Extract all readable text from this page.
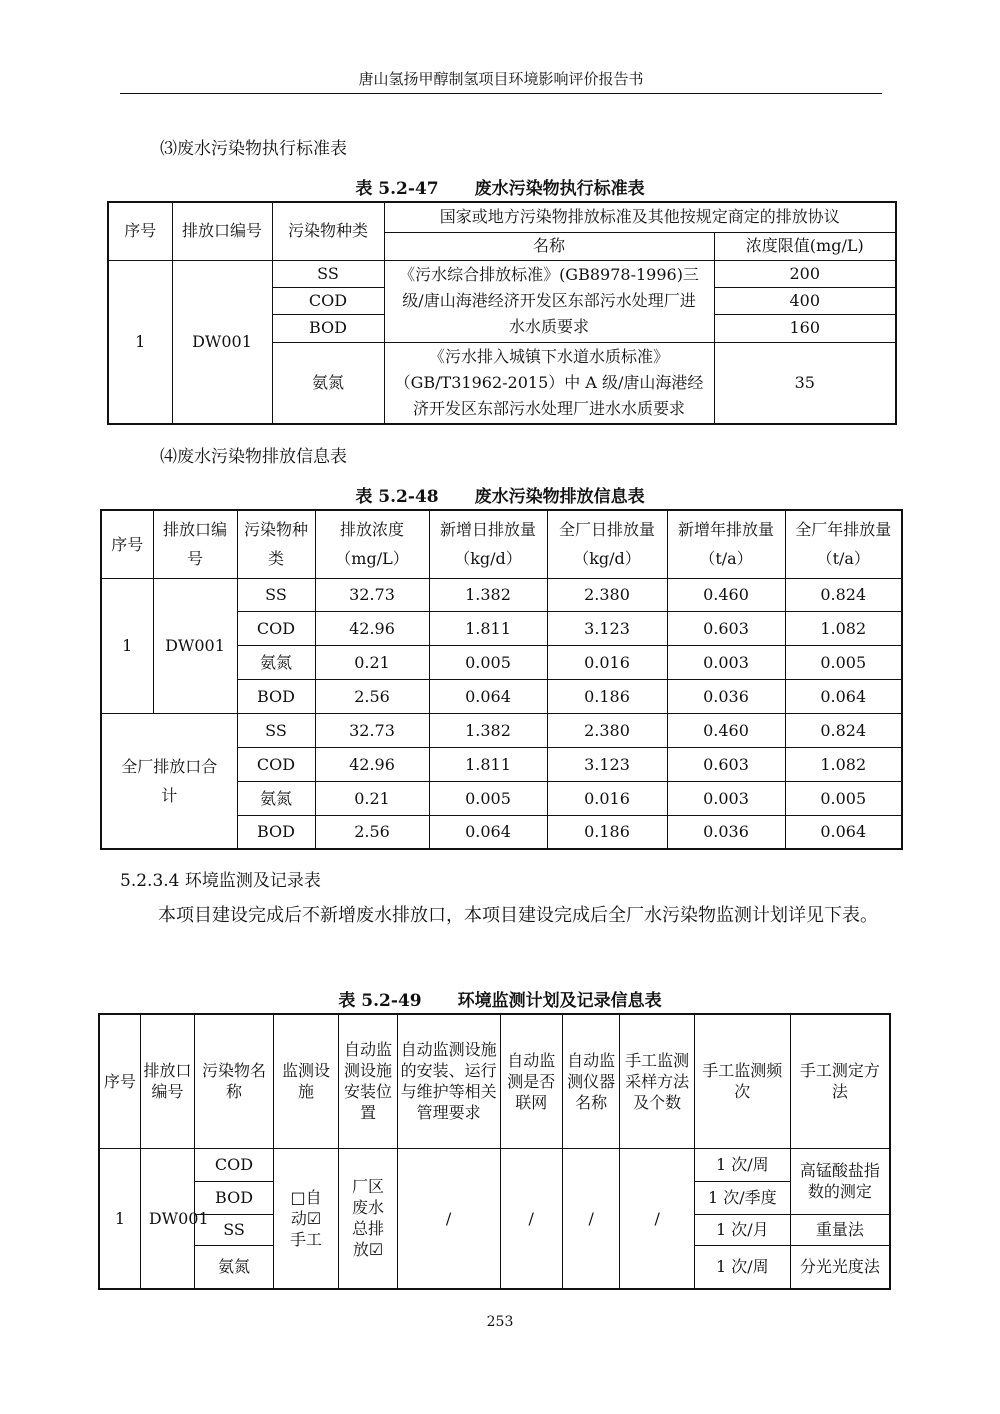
唐山氢扬甲醇制氢项目环境影响评价报告书
⑶废水污染物执行标准表
表 5.2-47 废水污染物执行标准表
序号	排放口编号	污染物种类	国家或地方污染物排放标准及其他按规定商定的排放协议	
			名称	浓度限值(mg/L)
1	DW001	SS	《污水综合排放标准》(GB8978-1996)三级/唐山海港经济开发区东部污水处理厂进水水质要求	200
		COD		400
		BOD		160
		氨氮	《污水排入城镇下水道水质标准》（GB/T31962-2015）中 A 级/唐山海港经济开发区东部污水处理厂进水水质要求	35
⑷废水污染物排放信息表
表 5.2-48 废水污染物排放信息表
序号	排放口编号	污染物种类	排放浓度（mg/L）	新增日排放量（kg/d）	全厂日排放量（kg/d）	新增年排放量（t/a）	全厂年排放量（t/a）
1	DW001	SS	32.73	1.382	2.380	0.460	0.824
		COD	42.96	1.811	3.123	0.603	1.082
		氨氮	0.21	0.005	0.016	0.003	0.005
		BOD	2.56	0.064	0.186	0.036	0.064
全厂排放口合计		SS	32.73	1.382	2.380	0.460	0.824
		COD	42.96	1.811	3.123	0.603	1.082
		氨氮	0.21	0.005	0.016	0.003	0.005
		BOD	2.56	0.064	0.186	0.036	0.064
5.2.3.4 环境监测及记录表
本项目建设完成后不新增废水排放口，本项目建设完成后全厂水污染物监测计划详见下表。
表 5.2-49 环境监测计划及记录信息表
序号	排放口编号	污染物名称	监测设施	自动监测设施安装位置	自动监测设施的安装、运行与维护等相关管理要求	自动监测是否联网	自动监测仪器名称	手工监测采样方法及个数	手工监测频次	手工测定方法
1	DW001	COD	□自动☑手工	厂区废水总排放☑	/	/	/	/	1 次/周	高锰酸盐指数的测定
		BOD							1 次/季度	
		SS							1 次/月	重量法
		氨氮							1 次/周	分光光度法
253
